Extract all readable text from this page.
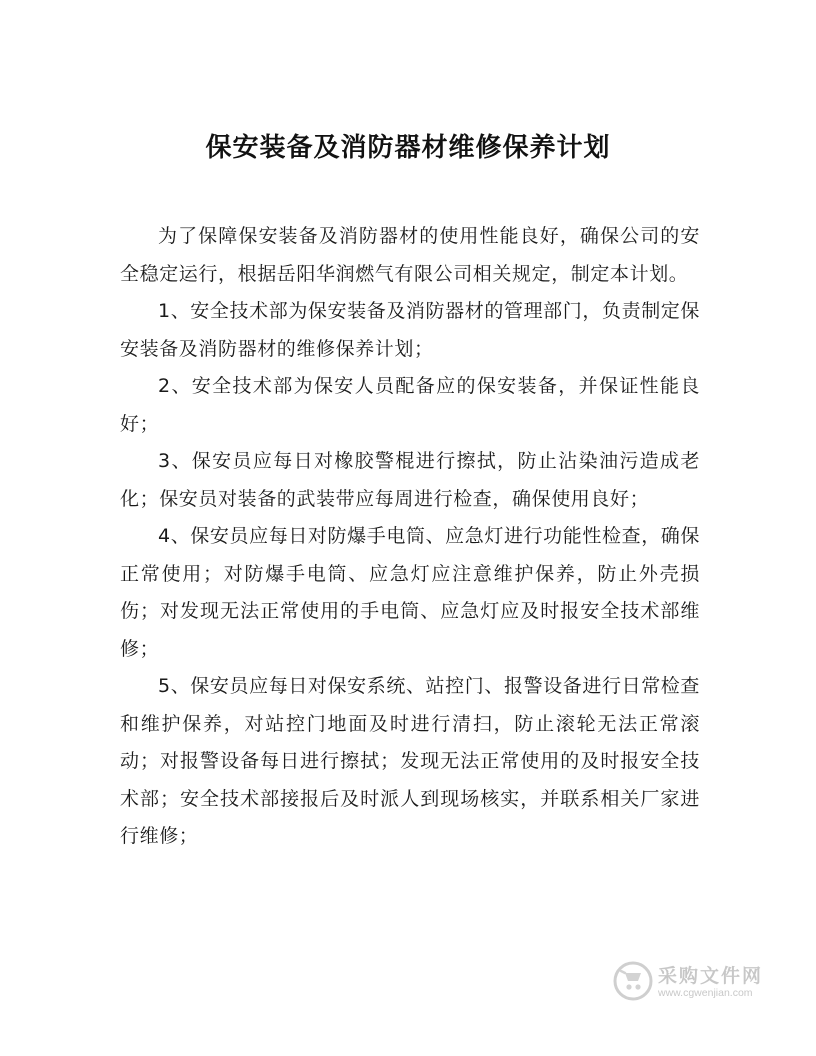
保安装备及消防器材维修保养计划

为了保障保安装备及消防器材的使用性能良好，确保公司的安全稳定运行，根据岳阳华润燃气有限公司相关规定，制定本计划。

1、安全技术部为保安装备及消防器材的管理部门，负责制定保安装备及消防器材的维修保养计划；

2、安全技术部为保安人员配备应的保安装备，并保证性能良好；

3、保安员应每日对橡胶警棍进行擦拭，防止沾染油污造成老化；保安员对装备的武装带应每周进行检查，确保使用良好；

4、保安员应每日对防爆手电筒、应急灯进行功能性检查，确保正常使用；对防爆手电筒、应急灯应注意维护保养，防止外壳损伤；对发现无法正常使用的手电筒、应急灯应及时报安全技术部维修；

5、保安员应每日对保安系统、站控门、报警设备进行日常检查和维护保养，对站控门地面及时进行清扫，防止滚轮无法正常滚动；对报警设备每日进行擦拭；发现无法正常使用的及时报安全技术部；安全技术部接报后及时派人到现场核实，并联系相关厂家进行维修；

采购文件网
www.cgwenjian.com
